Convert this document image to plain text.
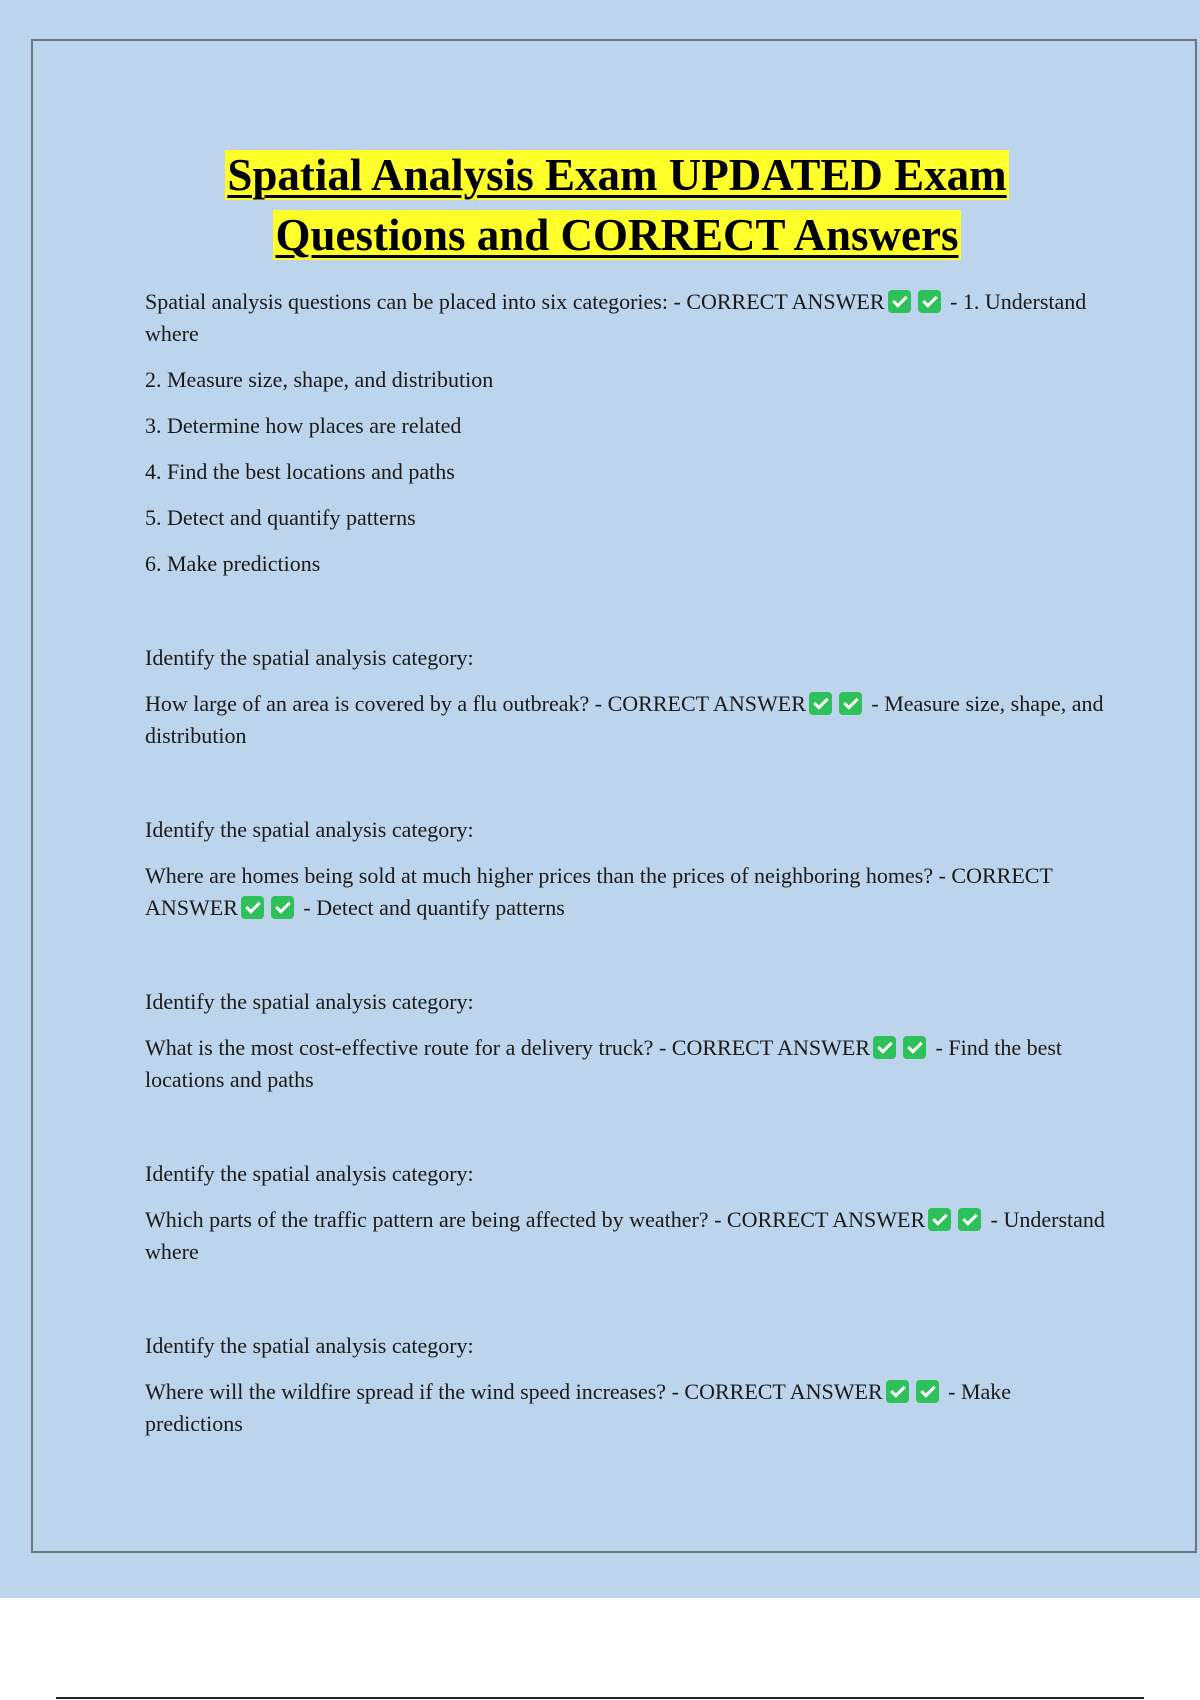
Spatial Analysis Exam UPDATED Exam
Questions and CORRECT Answers

Spatial analysis questions can be placed into six categories: - CORRECT ANSWER	- 1. Understand where

2. Measure size, shape, and distribution

3. Determine how places are related

4. Find the best locations and paths

5. Detect and quantify patterns

6. Make predictions

Identify the spatial analysis category:

How large of an area is covered by a flu outbreak? - CORRECT ANSWER	- Measure size, shape, and distribution

Identify the spatial analysis category:

Where are homes being sold at much higher prices than the prices of neighboring homes? - CORRECT ANSWER	- Detect and quantify patterns

Identify the spatial analysis category:

What is the most cost-effective route for a delivery truck? - CORRECT ANSWER	- Find the best locations and paths

Identify the spatial analysis category:

Which parts of the traffic pattern are being affected by weather? - CORRECT ANSWER	- Understand where

Identify the spatial analysis category:

Where will the wildfire spread if the wind speed increases? - CORRECT ANSWER	- Make predictions
